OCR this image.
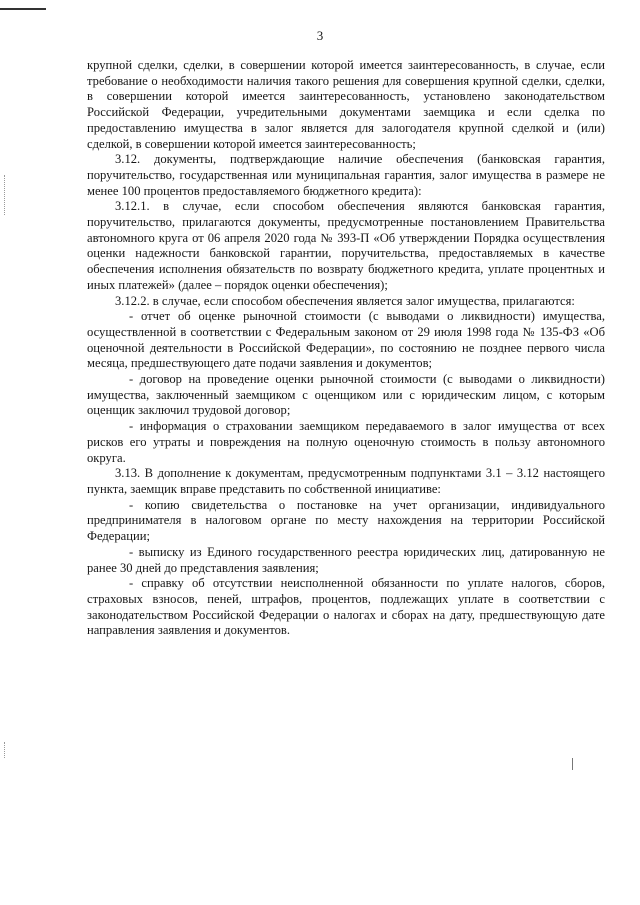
3

крупной сделки, сделки, в совершении которой имеется заинтересованность, в случае, если требование о необходимости наличия такого решения для совершения крупной сделки, сделки, в совершении которой имеется заинтересованность, установлено законодательством Российской Федерации, учредительными документами заемщика и если сделка по предоставлению имущества в залог является для залогодателя крупной сделкой и (или) сделкой, в совершении которой имеется заинтересованность;

3.12. документы, подтверждающие наличие обеспечения (банковская гарантия, поручительство, государственная или муниципальная гарантия, залог имущества в размере не менее 100 процентов предоставляемого бюджетного кредита):

3.12.1. в случае, если способом обеспечения являются банковская гарантия, поручительство, прилагаются документы, предусмотренные постановлением Правительства автономного круга от 06 апреля 2020 года № 393-П «Об утверждении Порядка осуществления оценки надежности банковской гарантии, поручительства, предоставляемых в качестве обеспечения исполнения обязательств по возврату бюджетного кредита, уплате процентных и иных платежей» (далее – порядок оценки обеспечения);

3.12.2. в случае, если способом обеспечения является залог имущества, прилагаются:

- отчет об оценке рыночной стоимости (с выводами о ликвидности) имущества, осуществленной в соответствии с Федеральным законом от 29 июля 1998 года № 135-ФЗ «Об оценочной деятельности в Российской Федерации», по состоянию не позднее первого числа месяца, предшествующего дате подачи заявления и документов;

- договор на проведение оценки рыночной стоимости (с выводами о ликвидности) имущества, заключенный заемщиком с оценщиком или с юридическим лицом, с которым оценщик заключил трудовой договор;

- информация о страховании заемщиком передаваемого в залог имущества от всех рисков его утраты и повреждения на полную оценочную стоимость в пользу автономного округа.

3.13. В дополнение к документам, предусмотренным подпунктами 3.1 – 3.12 настоящего пункта, заемщик вправе представить по собственной инициативе:

- копию свидетельства о постановке на учет организации, индивидуального предпринимателя в налоговом органе по месту нахождения на территории Российской Федерации;

- выписку из Единого государственного реестра юридических лиц, датированную не ранее 30 дней до представления заявления;

- справку об отсутствии неисполненной обязанности по уплате налогов, сборов, страховых взносов, пеней, штрафов, процентов, подлежащих уплате в соответствии с законодательством Российской Федерации о налогах и сборах на дату, предшествующую дате направления заявления и документов.
